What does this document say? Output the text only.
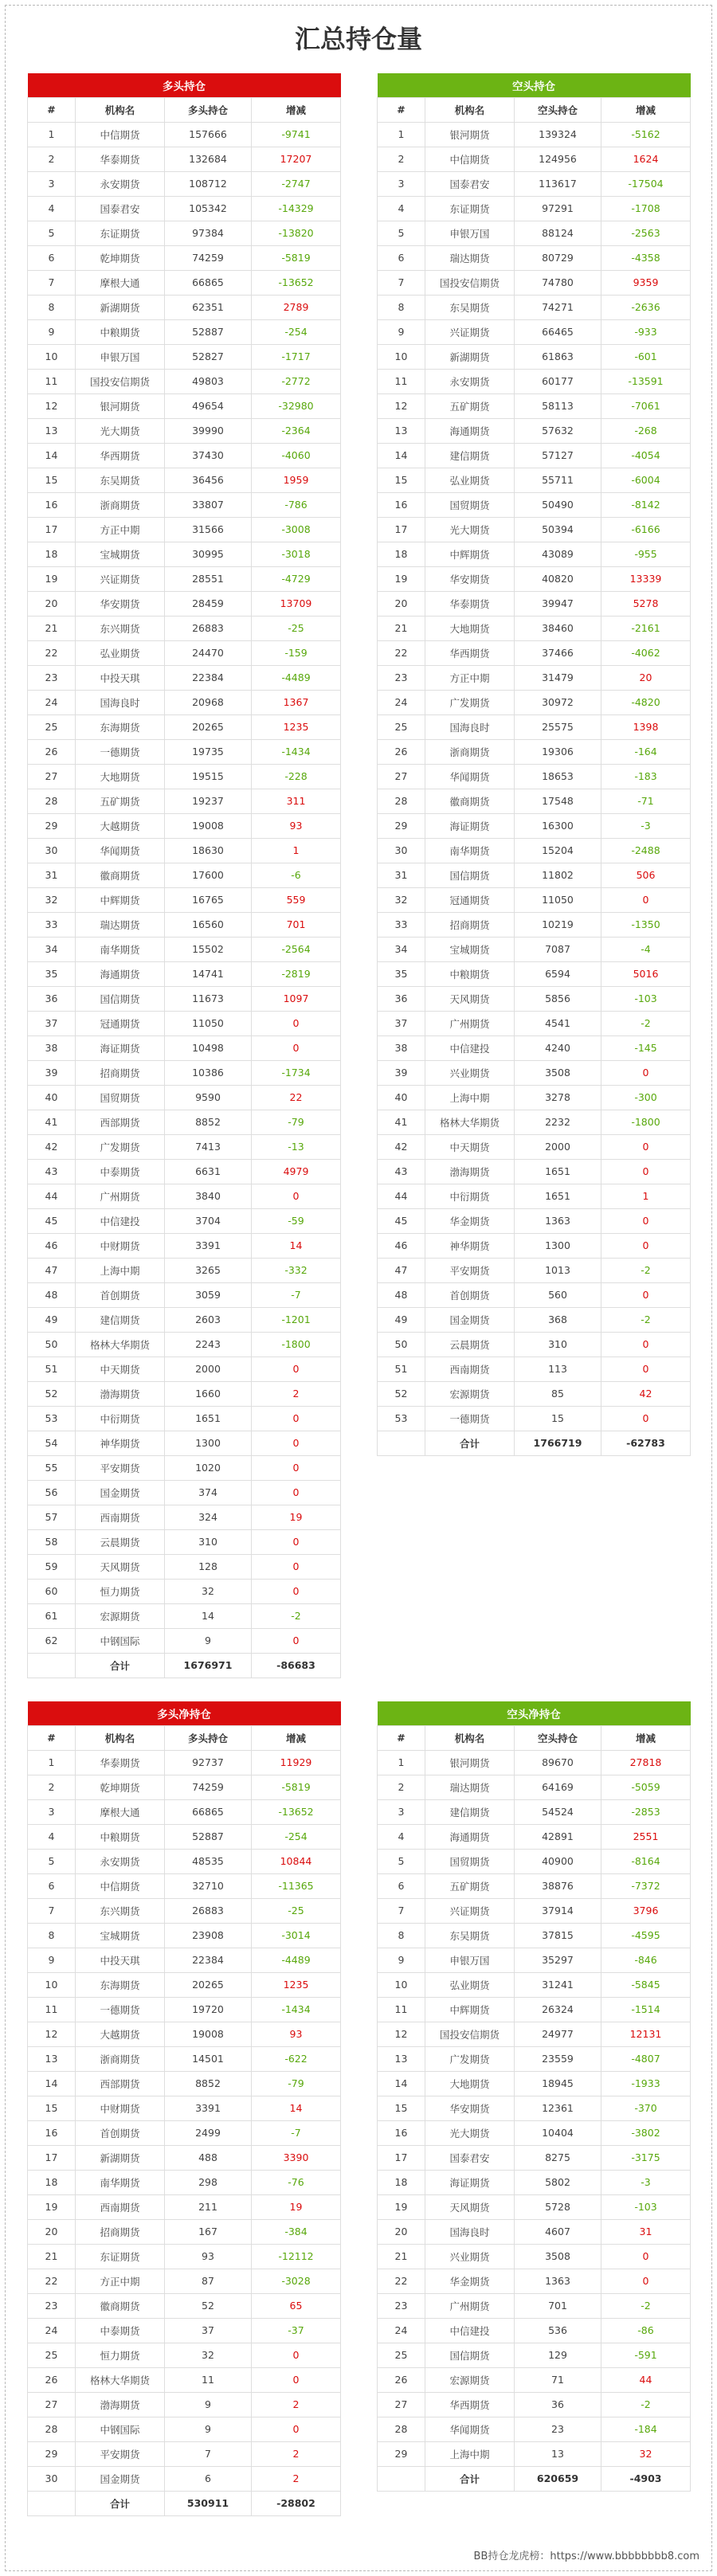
汇总持仓量
多头持仓			
#	机构名	多头持仓	增减
1	中信期货	157666	-9741
2	华泰期货	132684	17207
3	永安期货	108712	-2747
4	国泰君安	105342	-14329
5	东证期货	97384	-13820
6	乾坤期货	74259	-5819
7	摩根大通	66865	-13652
8	新湖期货	62351	2789
9	中粮期货	52887	-254
10	申银万国	52827	-1717
11	国投安信期货	49803	-2772
12	银河期货	49654	-32980
13	光大期货	39990	-2364
14	华西期货	37430	-4060
15	东吴期货	36456	1959
16	浙商期货	33807	-786
17	方正中期	31566	-3008
18	宝城期货	30995	-3018
19	兴证期货	28551	-4729
20	华安期货	28459	13709
21	东兴期货	26883	-25
22	弘业期货	24470	-159
23	中投天琪	22384	-4489
24	国海良时	20968	1367
25	东海期货	20265	1235
26	一德期货	19735	-1434
27	大地期货	19515	-228
28	五矿期货	19237	311
29	大越期货	19008	93
30	华闻期货	18630	1
31	徽商期货	17600	-6
32	中辉期货	16765	559
33	瑞达期货	16560	701
34	南华期货	15502	-2564
35	海通期货	14741	-2819
36	国信期货	11673	1097
37	冠通期货	11050	0
38	海证期货	10498	0
39	招商期货	10386	-1734
40	国贸期货	9590	22
41	西部期货	8852	-79
42	广发期货	7413	-13
43	中泰期货	6631	4979
44	广州期货	3840	0
45	中信建投	3704	-59
46	中财期货	3391	14
47	上海中期	3265	-332
48	首创期货	3059	-7
49	建信期货	2603	-1201
50	格林大华期货	2243	-1800
51	中天期货	2000	0
52	渤海期货	1660	2
53	中衍期货	1651	0
54	神华期货	1300	0
55	平安期货	1020	0
56	国金期货	374	0
57	西南期货	324	19
58	云晨期货	310	0
59	天风期货	128	0
60	恒力期货	32	0
61	宏源期货	14	-2
62	中钢国际	9	0
	合计	1676971	-86683
空头持仓			
#	机构名	空头持仓	增减
1	银河期货	139324	-5162
2	中信期货	124956	1624
3	国泰君安	113617	-17504
4	东证期货	97291	-1708
5	申银万国	88124	-2563
6	瑞达期货	80729	-4358
7	国投安信期货	74780	9359
8	东吴期货	74271	-2636
9	兴证期货	66465	-933
10	新湖期货	61863	-601
11	永安期货	60177	-13591
12	五矿期货	58113	-7061
13	海通期货	57632	-268
14	建信期货	57127	-4054
15	弘业期货	55711	-6004
16	国贸期货	50490	-8142
17	光大期货	50394	-6166
18	中辉期货	43089	-955
19	华安期货	40820	13339
20	华泰期货	39947	5278
21	大地期货	38460	-2161
22	华西期货	37466	-4062
23	方正中期	31479	20
24	广发期货	30972	-4820
25	国海良时	25575	1398
26	浙商期货	19306	-164
27	华闻期货	18653	-183
28	徽商期货	17548	-71
29	海证期货	16300	-3
30	南华期货	15204	-2488
31	国信期货	11802	506
32	冠通期货	11050	0
33	招商期货	10219	-1350
34	宝城期货	7087	-4
35	中粮期货	6594	5016
36	天风期货	5856	-103
37	广州期货	4541	-2
38	中信建投	4240	-145
39	兴业期货	3508	0
40	上海中期	3278	-300
41	格林大华期货	2232	-1800
42	中天期货	2000	0
43	渤海期货	1651	0
44	中衍期货	1651	1
45	华金期货	1363	0
46	神华期货	1300	0
47	平安期货	1013	-2
48	首创期货	560	0
49	国金期货	368	-2
50	云晨期货	310	0
51	西南期货	113	0
52	宏源期货	85	42
53	一德期货	15	0
	合计	1766719	-62783
多头净持仓			
#	机构名	多头持仓	增减
1	华泰期货	92737	11929
2	乾坤期货	74259	-5819
3	摩根大通	66865	-13652
4	中粮期货	52887	-254
5	永安期货	48535	10844
6	中信期货	32710	-11365
7	东兴期货	26883	-25
8	宝城期货	23908	-3014
9	中投天琪	22384	-4489
10	东海期货	20265	1235
11	一德期货	19720	-1434
12	大越期货	19008	93
13	浙商期货	14501	-622
14	西部期货	8852	-79
15	中财期货	3391	14
16	首创期货	2499	-7
17	新湖期货	488	3390
18	南华期货	298	-76
19	西南期货	211	19
20	招商期货	167	-384
21	东证期货	93	-12112
22	方正中期	87	-3028
23	徽商期货	52	65
24	中泰期货	37	-37
25	恒力期货	32	0
26	格林大华期货	11	0
27	渤海期货	9	2
28	中钢国际	9	0
29	平安期货	7	2
30	国金期货	6	2
	合计	530911	-28802
空头净持仓			
#	机构名	空头持仓	增减
1	银河期货	89670	27818
2	瑞达期货	64169	-5059
3	建信期货	54524	-2853
4	海通期货	42891	2551
5	国贸期货	40900	-8164
6	五矿期货	38876	-7372
7	兴证期货	37914	3796
8	东吴期货	37815	-4595
9	申银万国	35297	-846
10	弘业期货	31241	-5845
11	中辉期货	26324	-1514
12	国投安信期货	24977	12131
13	广发期货	23559	-4807
14	大地期货	18945	-1933
15	华安期货	12361	-370
16	光大期货	10404	-3802
17	国泰君安	8275	-3175
18	海证期货	5802	-3
19	天风期货	5728	-103
20	国海良时	4607	31
21	兴业期货	3508	0
22	华金期货	1363	0
23	广州期货	701	-2
24	中信建投	536	-86
25	国信期货	129	-591
26	宏源期货	71	44
27	华西期货	36	-2
28	华闻期货	23	-184
29	上海中期	13	32
	合计	620659	-4903
BB持仓龙虎榜：https://www.bbbbbbbb8.com
